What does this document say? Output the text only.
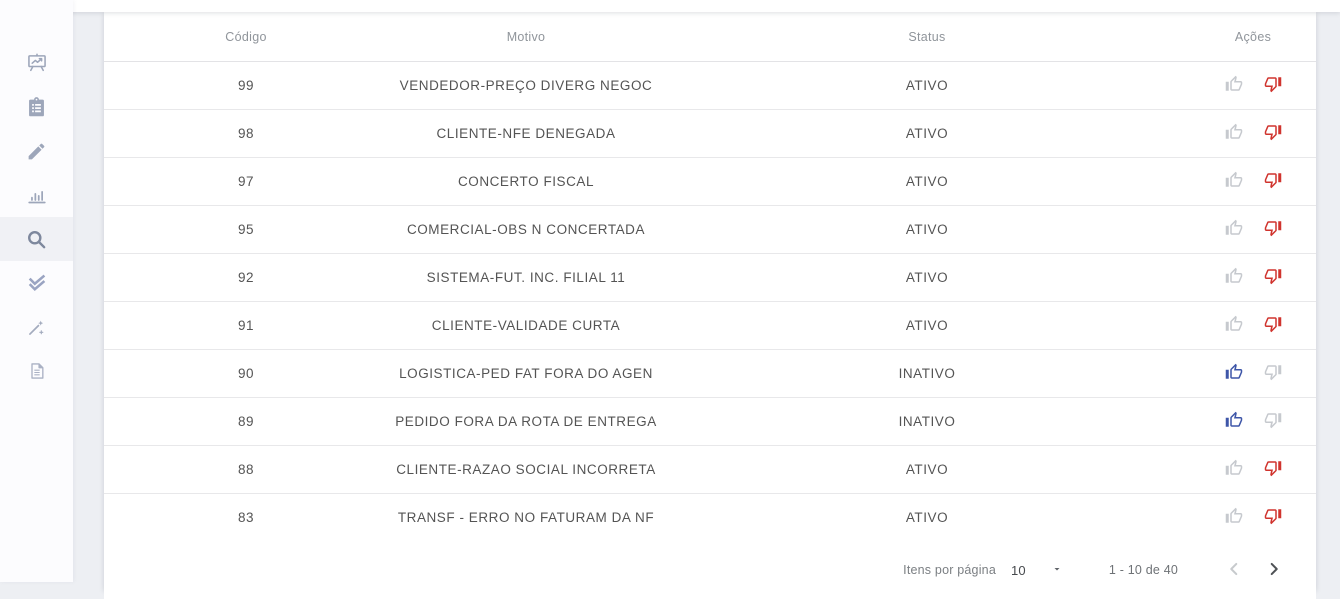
Código	Motivo	Status	Ações
99	VENDEDOR-PREÇO DIVERG NEGOC	ATIVO
98	CLIENTE-NFE DENEGADA	ATIVO
97	CONCERTO FISCAL	ATIVO
95	COMERCIAL-OBS N CONCERTADA	ATIVO
92	SISTEMA-FUT. INC. FILIAL 11	ATIVO
91	CLIENTE-VALIDADE CURTA	ATIVO
90	LOGISTICA-PED FAT FORA DO AGEN	INATIVO
89	PEDIDO FORA DA ROTA DE ENTREGA	INATIVO
88	CLIENTE-RAZAO SOCIAL INCORRETA	ATIVO
83	TRANSF - ERRO NO FATURAM DA NF	ATIVO
Itens por página 10	1 - 10 de 40
